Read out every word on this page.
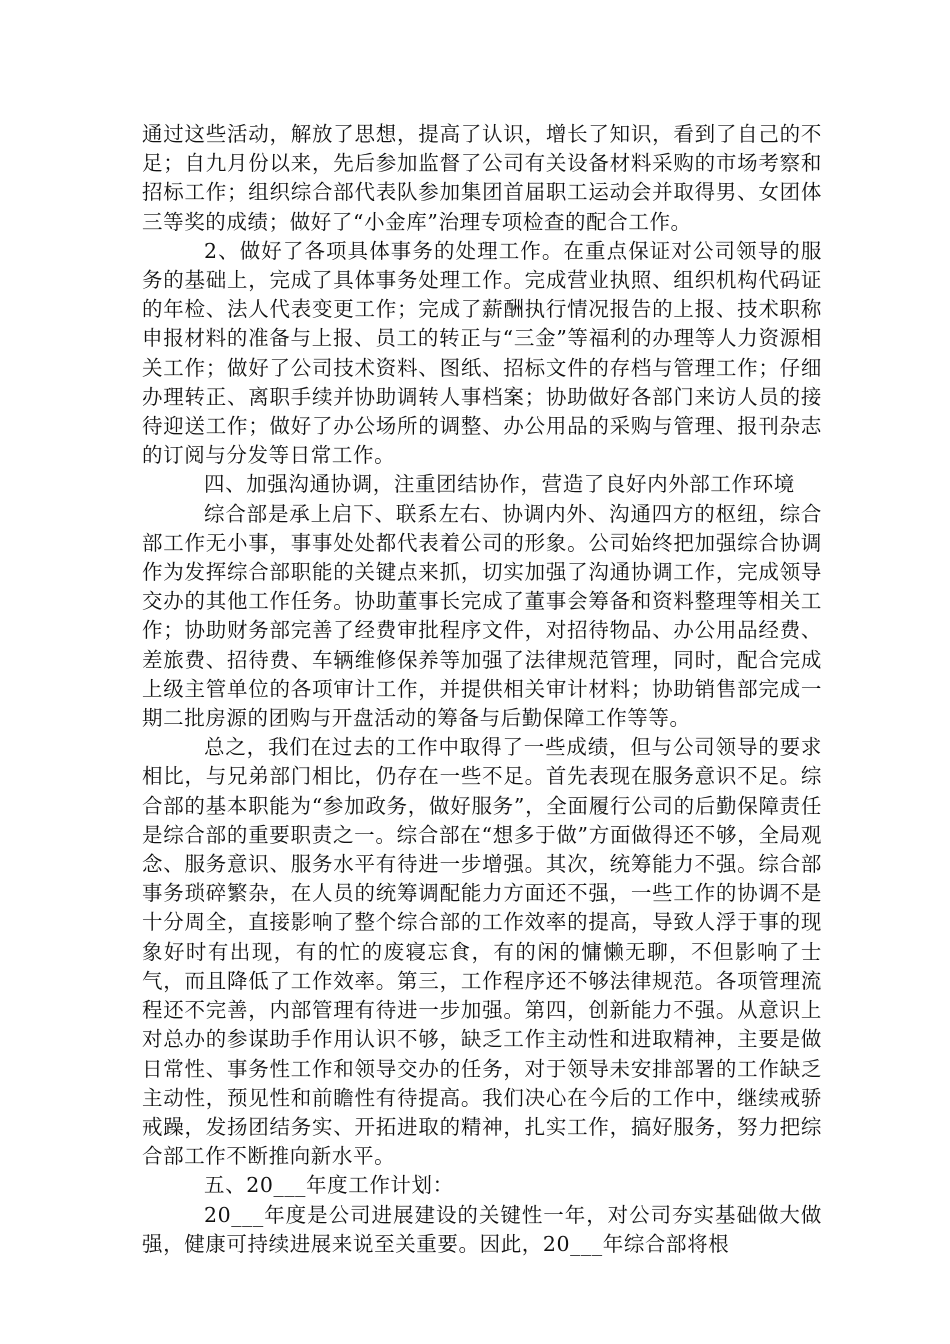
通过这些活动，解放了思想，提高了认识，增长了知识，看到了自己的不足；自九月份以来，先后参加监督了公司有关设备材料采购的市场考察和招标工作；组织综合部代表队参加集团首届职工运动会并取得男、女团体三等奖的成绩；做好了“小金库”治理专项检查的配合工作。

2、做好了各项具体事务的处理工作。在重点保证对公司领导的服务的基础上，完成了具体事务处理工作。完成营业执照、组织机构代码证的年检、法人代表变更工作；完成了薪酬执行情况报告的上报、技术职称申报材料的准备与上报、员工的转正与“三金”等福利的办理等人力资源相关工作；做好了公司技术资料、图纸、招标文件的存档与管理工作；仔细办理转正、离职手续并协助调转人事档案；协助做好各部门来访人员的接待迎送工作；做好了办公场所的调整、办公用品的采购与管理、报刊杂志的订阅与分发等日常工作。

四、加强沟通协调，注重团结协作，营造了良好内外部工作环境

综合部是承上启下、联系左右、协调内外、沟通四方的枢纽，综合部工作无小事，事事处处都代表着公司的形象。公司始终把加强综合协调作为发挥综合部职能的关键点来抓，切实加强了沟通协调工作，完成领导交办的其他工作任务。协助董事长完成了董事会筹备和资料整理等相关工作；协助财务部完善了经费审批程序文件，对招待物品、办公用品经费、差旅费、招待费、车辆维修保养等加强了法律规范管理，同时，配合完成上级主管单位的各项审计工作，并提供相关审计材料；协助销售部完成一期二批房源的团购与开盘活动的筹备与后勤保障工作等等。

总之，我们在过去的工作中取得了一些成绩，但与公司领导的要求相比，与兄弟部门相比，仍存在一些不足。首先表现在服务意识不足。综合部的基本职能为“参加政务，做好服务”，全面履行公司的后勤保障责任是综合部的重要职责之一。综合部在“想多于做”方面做得还不够，全局观念、服务意识、服务水平有待进一步增强。其次，统筹能力不强。综合部事务琐碎繁杂，在人员的统筹调配能力方面还不强，一些工作的协调不是十分周全，直接影响了整个综合部的工作效率的提高，导致人浮于事的现象好时有出现，有的忙的废寝忘食，有的闲的慵懒无聊，不但影响了士气，而且降低了工作效率。第三，工作程序还不够法律规范。各项管理流程还不完善，内部管理有待进一步加强。第四，创新能力不强。从意识上对总办的参谋助手作用认识不够，缺乏工作主动性和进取精神，主要是做日常性、事务性工作和领导交办的任务，对于领导未安排部署的工作缺乏主动性，预见性和前瞻性有待提高。我们决心在今后的工作中，继续戒骄戒躁，发扬团结务实、开拓进取的精神，扎实工作，搞好服务，努力把综合部工作不断推向新水平。

五、20___年度工作计划：

20___年度是公司进展建设的关键性一年，对公司夯实基础做大做强，健康可持续进展来说至关重要。因此，20___年综合部将根
